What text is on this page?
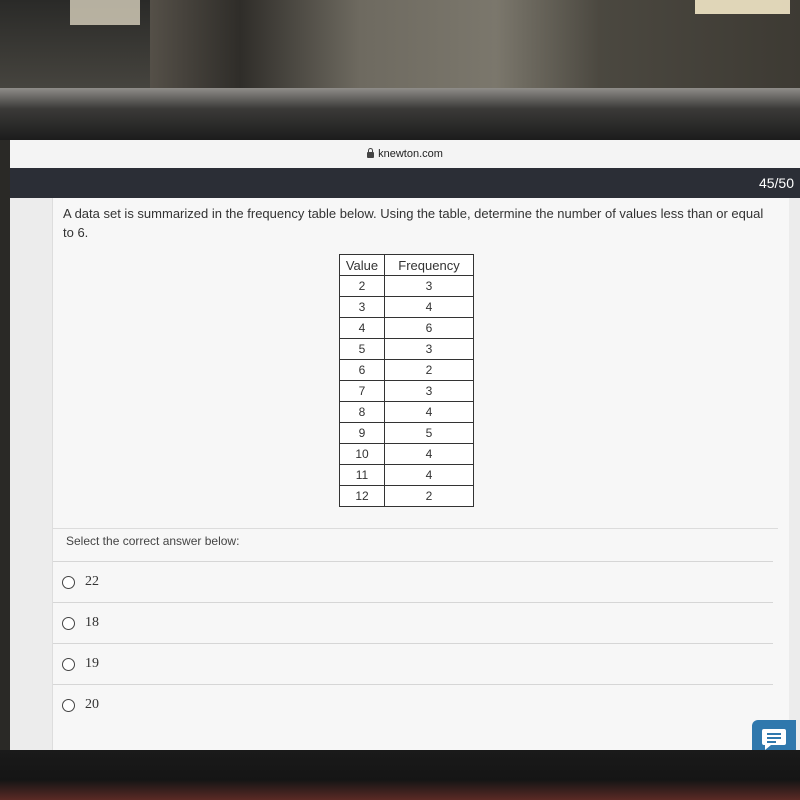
knewton.com
45/50
A data set is summarized in the frequency table below. Using the table, determine the number of values less than or equal to 6.
Value	Frequency
2	3
3	4
4	6
5	3
6	2
7	3
8	4
9	5
10	4
11	4
12	2
Select the correct answer below:
22
18
19
20
